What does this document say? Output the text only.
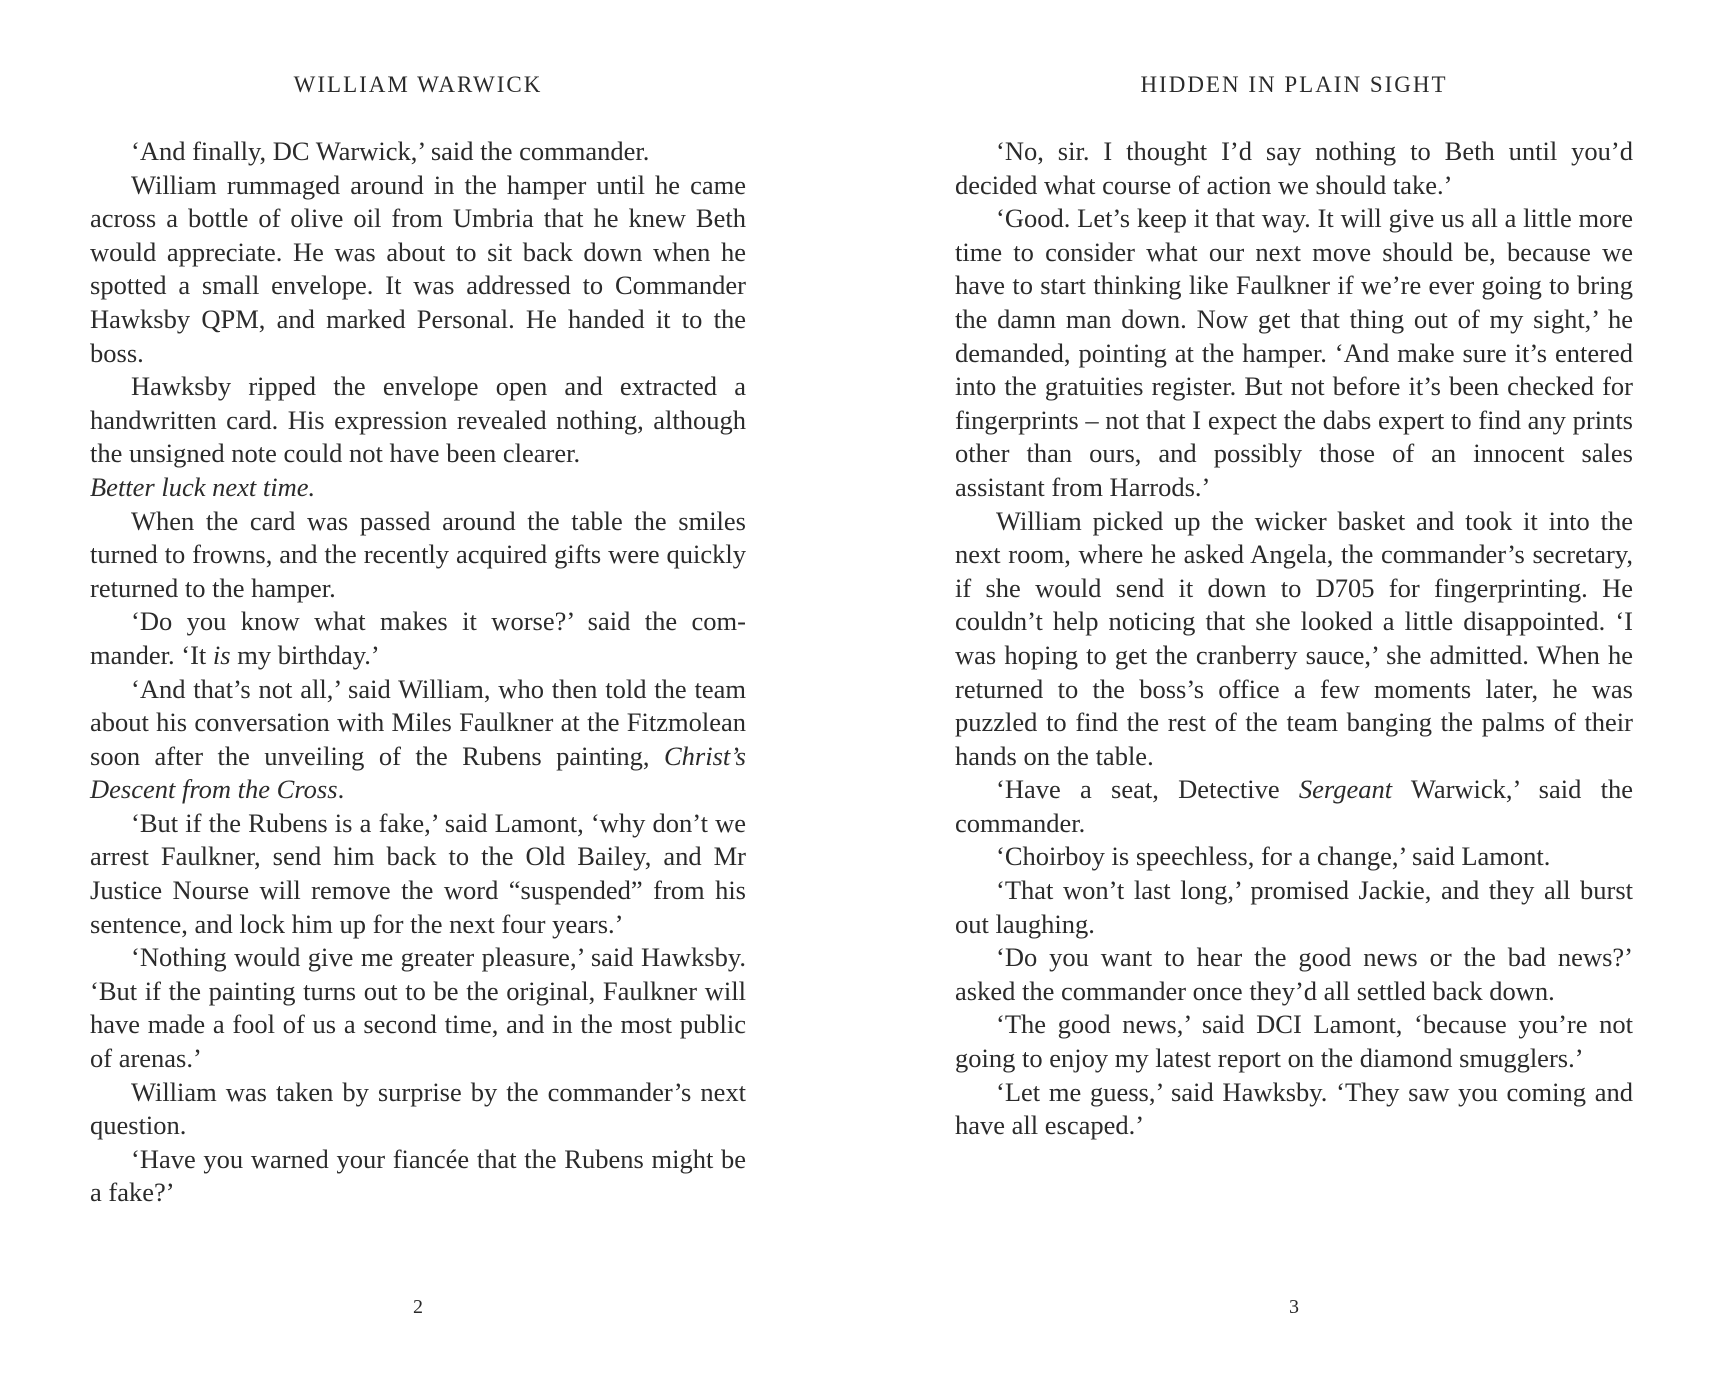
WILLIAM WARWICK

‘And finally, DC Warwick,’ said the commander.

William rummaged around in the hamper until he came across a bottle of olive oil from Umbria that he knew Beth would appreciate. He was about to sit back down when he spotted a small envelope. It was addressed to Commander Hawksby QPM, and marked Personal. He handed it to the boss.

Hawksby ripped the envelope open and extracted a handwritten card. His expression revealed nothing, although the unsigned note could not have been clearer.

Better luck next time.

When the card was passed around the table the smiles turned to frowns, and the recently acquired gifts were quickly returned to the hamper.

‘Do you know what makes it worse?’ said the commander. ‘It is my birthday.’

‘And that’s not all,’ said William, who then told the team about his conversation with Miles Faulkner at the Fitzmolean soon after the unveiling of the Rubens painting, Christ’s Descent from the Cross.

‘But if the Rubens is a fake,’ said Lamont, ‘why don’t we arrest Faulkner, send him back to the Old Bailey, and Mr Justice Nourse will remove the word “suspended” from his sentence, and lock him up for the next four years.’

‘Nothing would give me greater pleasure,’ said Hawksby. ‘But if the painting turns out to be the original, Faulkner will have made a fool of us a second time, and in the most public of arenas.’

William was taken by surprise by the commander’s next question.

‘Have you warned your fiancée that the Rubens might be a fake?’

2
HIDDEN IN PLAIN SIGHT

‘No, sir. I thought I’d say nothing to Beth until you’d decided what course of action we should take.’

‘Good. Let’s keep it that way. It will give us all a little more time to consider what our next move should be, because we have to start thinking like Faulkner if we’re ever going to bring the damn man down. Now get that thing out of my sight,’ he demanded, pointing at the hamper. ‘And make sure it’s entered into the gratuities register. But not before it’s been checked for fingerprints – not that I expect the dabs expert to find any prints other than ours, and possibly those of an innocent sales assistant from Harrods.’

William picked up the wicker basket and took it into the next room, where he asked Angela, the commander’s secretary, if she would send it down to D705 for fingerprinting. He couldn’t help noticing that she looked a little disappointed. ‘I was hoping to get the cranberry sauce,’ she admitted. When he returned to the boss’s office a few moments later, he was puzzled to find the rest of the team banging the palms of their hands on the table.

‘Have a seat, Detective Sergeant Warwick,’ said the commander.

‘Choirboy is speechless, for a change,’ said Lamont.

‘That won’t last long,’ promised Jackie, and they all burst out laughing.

‘Do you want to hear the good news or the bad news?’ asked the commander once they’d all settled back down.

‘The good news,’ said DCI Lamont, ‘because you’re not going to enjoy my latest report on the diamond smugglers.’

‘Let me guess,’ said Hawksby. ‘They saw you coming and have all escaped.’

3
